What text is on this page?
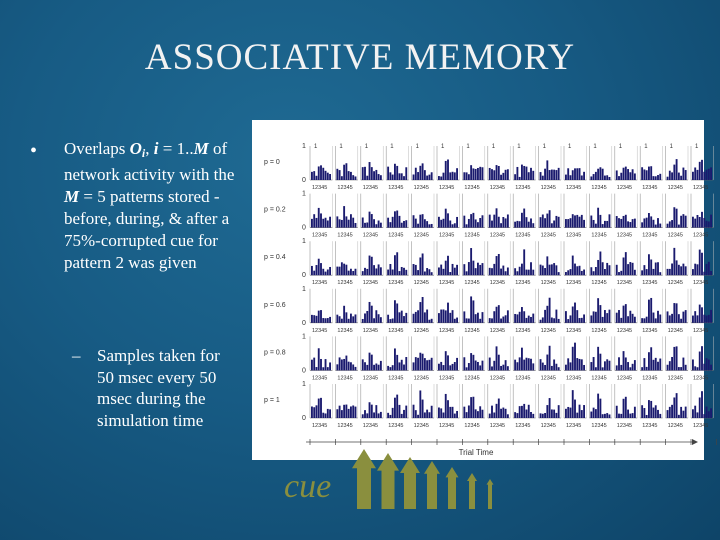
ASSOCIATIVE MEMORY
• Overlaps Oi, i = 1..M of network activity with the M = 5 patterns stored - before, during, & after a 75%-corrupted cue for pattern 2 was given
– Samples taken for 50 msec every 50 msec during the simulation time
p = 0
1
0
1
12345
1
12345
1
12345
1
12345
1
12345
1
12345
1
12345
1
12345
1
12345
1
12345
1
12345
1
12345
1
12345
1
12345
1
12345
1
12345
p = 0.2
1
0
12345 12345 12345 12345 12345 12345 12345 12345 12345 12345 12345 12345 12345 12345 12345 12345
p = 0.4
1
0
12345 12345 12345 12345 12345 12345 12345 12345 12345 12345 12345 12345 12345 12345 12345 12345
p = 0.6
1
0
12345 12345 12345 12345 12345 12345 12345 12345 12345 12345 12345 12345 12345 12345 12345 12345
p = 0.8
1
0
12345 12345 12345 12345 12345 12345 12345 12345 12345 12345 12345 12345 12345 12345 12345 12345
p = 1
1
0
12345 12345 12345 12345 12345 12345 12345 12345 12345 12345 12345 12345 12345 12345 12345 12345
Trial Time
cue
